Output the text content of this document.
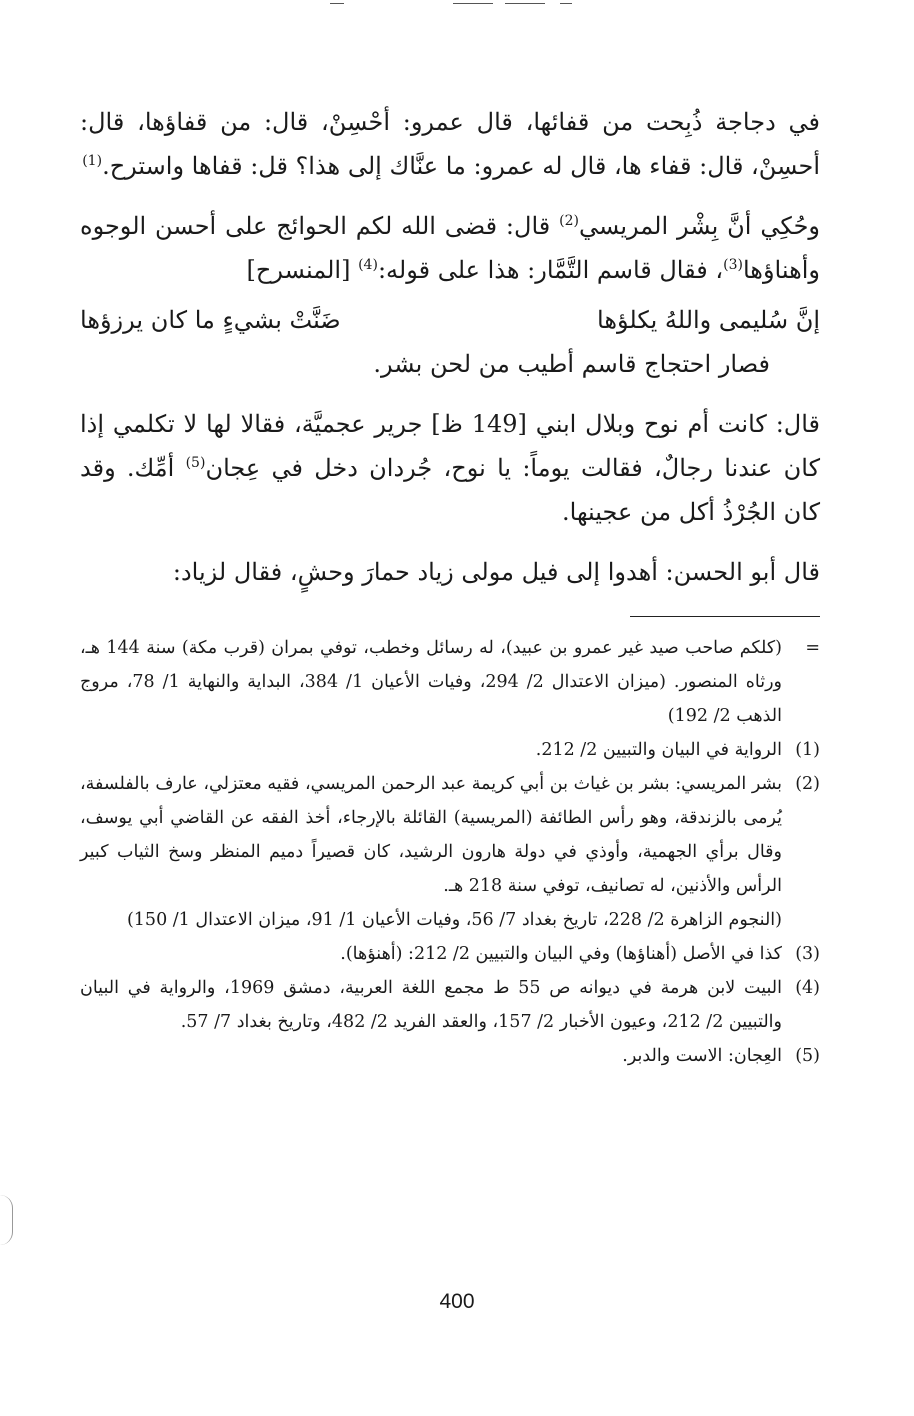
في دجاجة ذُبِحت من قفائها، قال عمرو: أحْسِنْ، قال: من قفاؤها، قال: أحسِنْ، قال: قفاء ها، قال له عمرو: ما عنَّاك إلى هذا؟ قل: قفاها واسترح.$^{(1)}$

وحُكِي أنَّ بِشْر المريسي$^{(2)}$ قال: قضى الله لكم الحوائج على أحسن الوجوه وأهناؤها$^{(3)}$، فقال قاسم التَّمَّار: هذا على قوله:$^{(4)}$ [المنسرح]

إنَّ سُليمى واللهُ يكلؤها
ضَنَّتْ بشيءٍ ما كان يرزؤها

فصار احتجاج قاسم أطيب من لحن بشر.

قال: كانت أم نوح وبلال ابني [149 ظ] جرير عجميَّة، فقالا لها لا تكلمي إذا كان عندنا رجالٌ، فقالت يوماً: يا نوح، جُردان دخل في عِجان$^{(5)}$ أمِّك. وقد كان الجُرْذُ أكل من عجينها.

قال أبو الحسن: أهدوا إلى فيل مولى زياد حمارَ وحشٍ، فقال لزياد:

=
(كلكم صاحب صيد غير عمرو بن عبيد)، له رسائل وخطب، توفي بمران (قرب مكة) سنة 144 هـ، ورثاه المنصور. (ميزان الاعتدال 2/ 294، وفيات الأعيان 1/ 384، البداية والنهاية 1/ 78، مروج الذهب 2/ 192)
(1)
الرواية في البيان والتبيين 2/ 212.
(2)
بشر المريسي: بشر بن غياث بن أبي كريمة عبد الرحمن المريسي، فقيه معتزلي، عارف بالفلسفة، يُرمى بالزندقة، وهو رأس الطائفة (المريسية) القائلة بالإرجاء، أخذ الفقه عن القاضي أبي يوسف، وقال برأي الجهمية، وأوذي في دولة هارون الرشيد، كان قصيراً دميم المنظر وسخ الثياب كبير الرأس والأذنين، له تصانيف، توفي سنة 218 هـ.
(النجوم الزاهرة 2/ 228، تاريخ بغداد 7/ 56، وفيات الأعيان 1/ 91، ميزان الاعتدال 1/ 150)
(3)
كذا في الأصل (أهناؤها) وفي البيان والتبيين 2/ 212: (أهنؤها).
(4)
البيت لابن هرمة في ديوانه ص 55 ط مجمع اللغة العربية، دمشق 1969، والرواية في البيان والتبيين 2/ 212، وعيون الأخبار 2/ 157، والعقد الفريد 2/ 482، وتاريخ بغداد 7/ 57.
(5)
العِجان: الاست والدبر.
400
